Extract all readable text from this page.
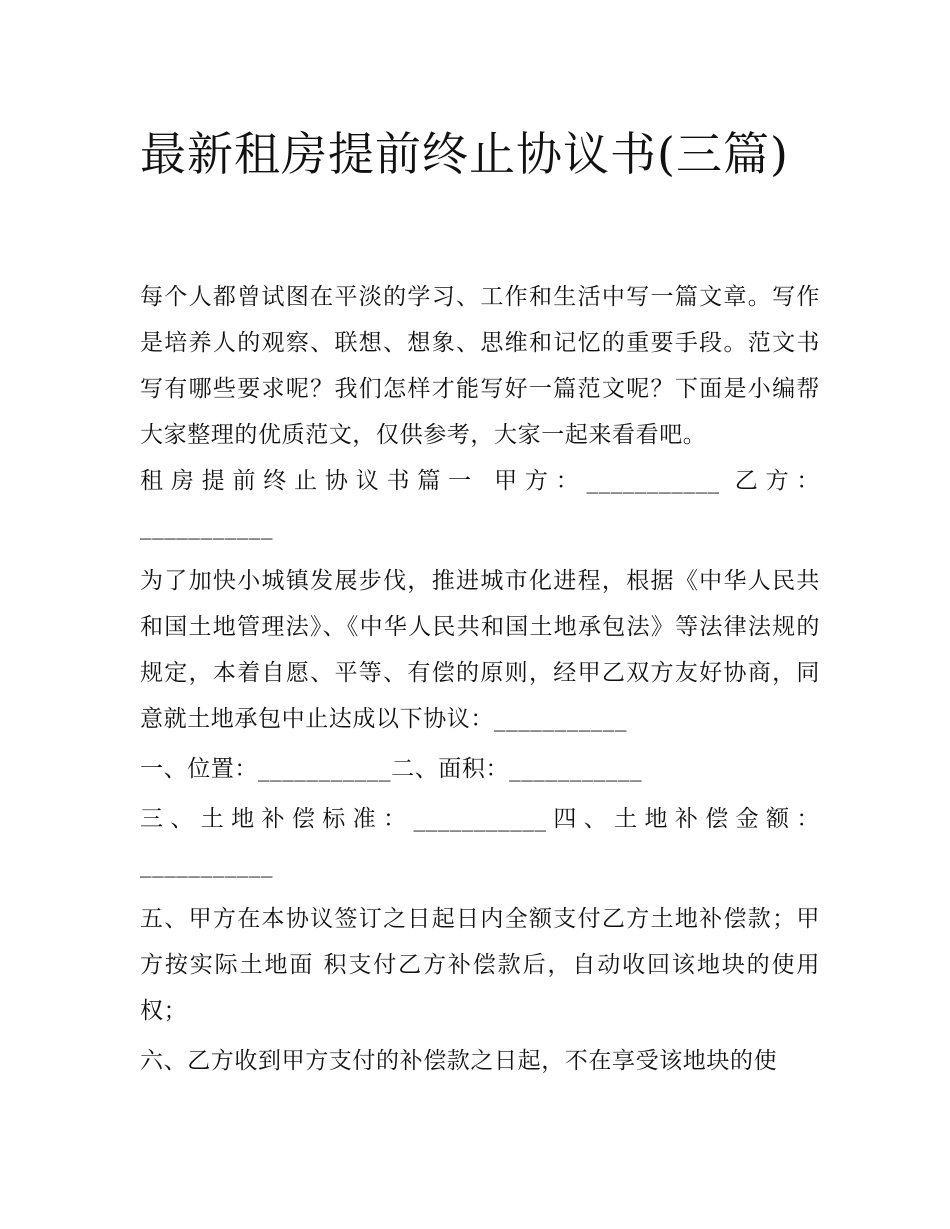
最新租房提前终止协议书(三篇)

每个人都曾试图在平淡的学习、工作和生活中写一篇文章。写作是培养人的观察、联想、想象、思维和记忆的重要手段。范文书写有哪些要求呢？我们怎样才能写好一篇范文呢？下面是小编帮大家整理的优质范文，仅供参考，大家一起来看看吧。

租房提前终止协议书篇一 甲方：___________ 乙方：___________

为了加快小城镇发展步伐，推进城市化进程，根据《中华人民共和国土地管理法》、《中华人民共和国土地承包法》等法律法规的规定，本着自愿、平等、有偿的原则，经甲乙双方友好协商，同意就土地承包中止达成以下协议：___________

一、位置：___________二、面积：___________

三、土地补偿标准：___________四、土地补偿金额：___________

五、甲方在本协议签订之日起日内全额支付乙方土地补偿款；甲方按实际土地面 积支付乙方补偿款后，自动收回该地块的使用权；

六、乙方收到甲方支付的补偿款之日起，不在享受该地块的使
